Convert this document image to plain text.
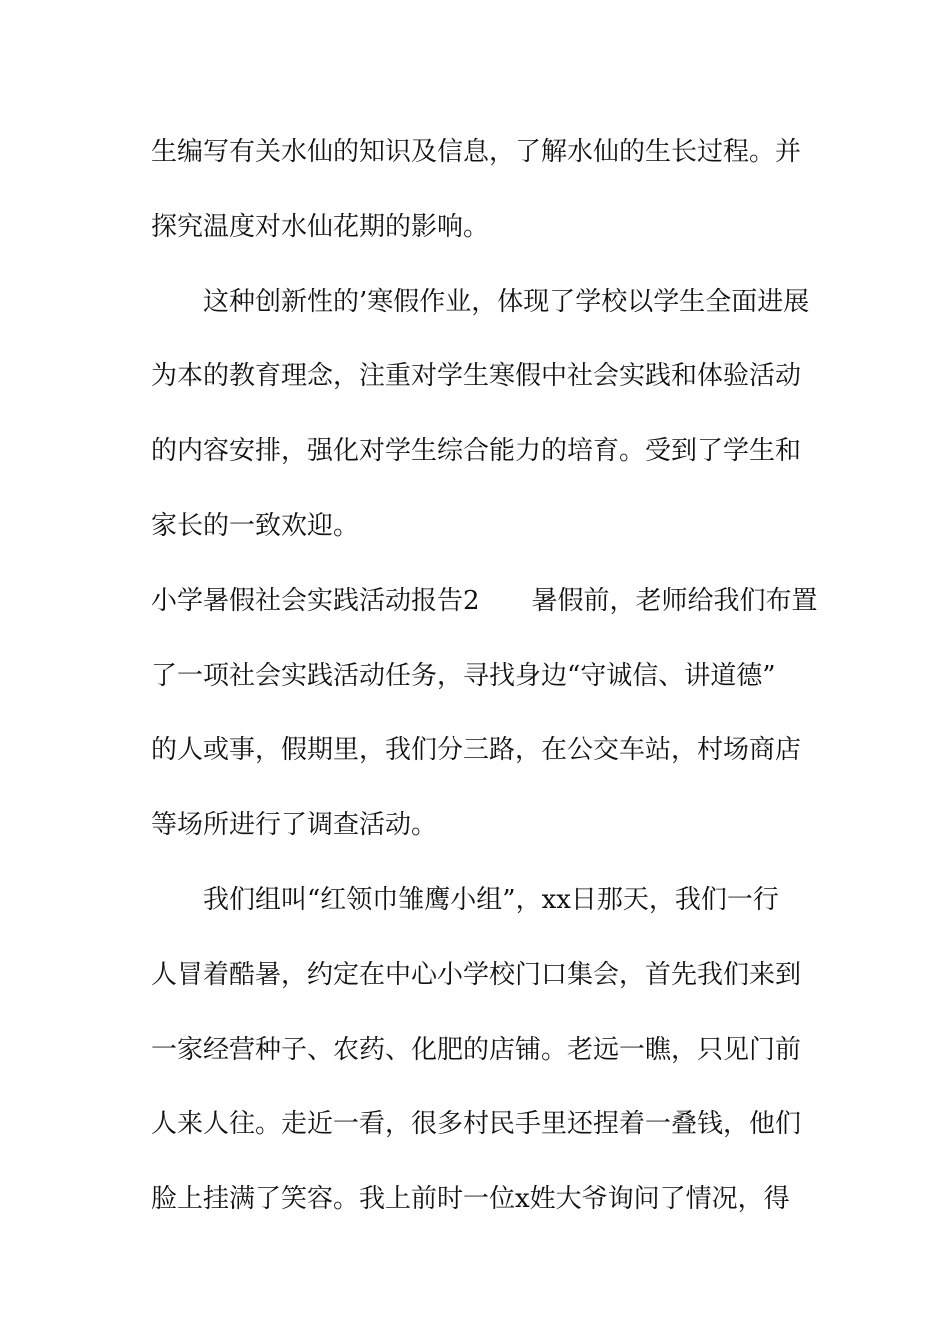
生编写有关水仙的知识及信息，了解水仙的生长过程。并
探究温度对水仙花期的影响。
这种创新性的’寒假作业，体现了学校以学生全面进展
为本的教育理念，注重对学生寒假中社会实践和体验活动
的内容安排，强化对学生综合能力的培育。受到了学生和
家长的一致欢迎。
小学暑假社会实践活动报告2　　暑假前，老师给我们布置
了一项社会实践活动任务，寻找身边“守诚信、讲道德”
的人或事，假期里，我们分三路，在公交车站，村场商店
等场所进行了调查活动。
我们组叫“红领巾雏鹰小组”，xx日那天，我们一行
人冒着酷暑，约定在中心小学校门口集会，首先我们来到
一家经营种子、农药、化肥的店铺。老远一瞧，只见门前
人来人往。走近一看，很多村民手里还捏着一叠钱，他们
脸上挂满了笑容。我上前时一位x姓大爷询问了情况，得
